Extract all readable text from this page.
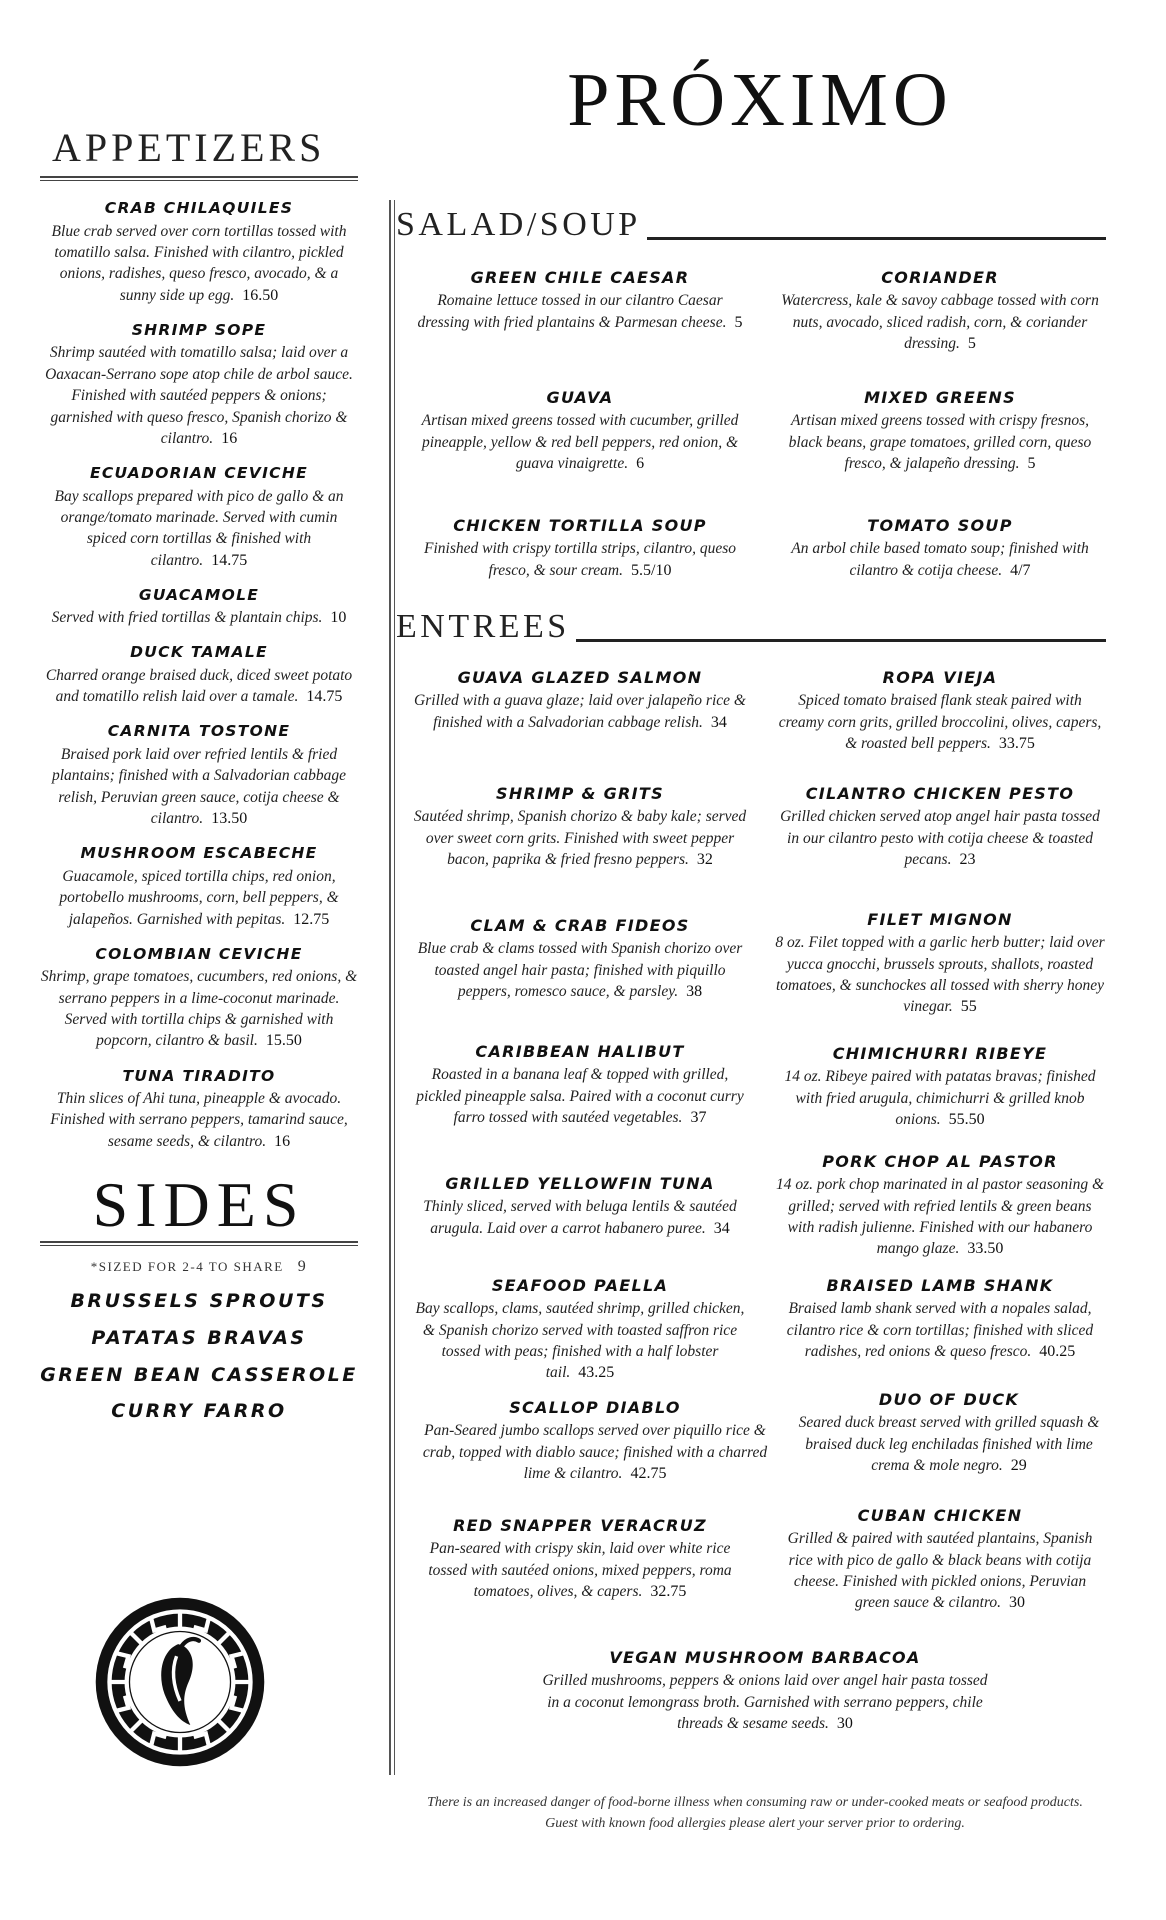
PRÓXIMO
APPETIZERS
CRAB CHILAQUILES
Blue crab served over corn tortillas tossed with tomatillo salsa. Finished with cilantro, pickled onions, radishes, queso fresco, avocado, & a sunny side up egg. 16.50
SHRIMP SOPE
Shrimp sautéed with tomatillo salsa; laid over a Oaxacan-Serrano sope atop chile de arbol sauce. Finished with sautéed peppers & onions; garnished with queso fresco, Spanish chorizo & cilantro. 16
ECUADORIAN CEVICHE
Bay scallops prepared with pico de gallo & an orange/tomato marinade. Served with cumin spiced corn tortillas & finished with cilantro. 14.75
GUACAMOLE
Served with fried tortillas & plantain chips. 10
DUCK TAMALE
Charred orange braised duck, diced sweet potato and tomatillo relish laid over a tamale. 14.75
CARNITA TOSTONE
Braised pork laid over refried lentils & fried plantains; finished with a Salvadorian cabbage relish, Peruvian green sauce, cotija cheese & cilantro. 13.50
MUSHROOM ESCABECHE
Guacamole, spiced tortilla chips, red onion, portobello mushrooms, corn, bell peppers, & jalapeños. Garnished with pepitas. 12.75
COLOMBIAN CEVICHE
Shrimp, grape tomatoes, cucumbers, red onions, & serrano peppers in a lime-coconut marinade. Served with tortilla chips & garnished with popcorn, cilantro & basil. 15.50
TUNA TIRADITO
Thin slices of Ahi tuna, pineapple & avocado. Finished with serrano peppers, tamarind sauce, sesame seeds, & cilantro. 16
SIDES
*SIZED FOR 2-4 TO SHARE 9
BRUSSELS SPROUTS
PATATAS BRAVAS
GREEN BEAN CASSEROLE
CURRY FARRO
SALAD/SOUP
GREEN CHILE CAESAR
Romaine lettuce tossed in our cilantro Caesar dressing with fried plantains & Parmesan cheese. 5
CORIANDER
Watercress, kale & savoy cabbage tossed with corn nuts, avocado, sliced radish, corn, & coriander dressing. 5
GUAVA
Artisan mixed greens tossed with cucumber, grilled pineapple, yellow & red bell peppers, red onion, & guava vinaigrette. 6
MIXED GREENS
Artisan mixed greens tossed with crispy fresnos, black beans, grape tomatoes, grilled corn, queso fresco, & jalapeño dressing. 5
CHICKEN TORTILLA SOUP
Finished with crispy tortilla strips, cilantro, queso fresco, & sour cream. 5.5/10
TOMATO SOUP
An arbol chile based tomato soup; finished with cilantro & cotija cheese. 4/7
ENTREES
GUAVA GLAZED SALMON
Grilled with a guava glaze; laid over jalapeño rice & finished with a Salvadorian cabbage relish. 34
ROPA VIEJA
Spiced tomato braised flank steak paired with creamy corn grits, grilled broccolini, olives, capers, & roasted bell peppers. 33.75
SHRIMP & GRITS
Sautéed shrimp, Spanish chorizo & baby kale; served over sweet corn grits. Finished with sweet pepper bacon, paprika & fried fresno peppers. 32
CILANTRO CHICKEN PESTO
Grilled chicken served atop angel hair pasta tossed in our cilantro pesto with cotija cheese & toasted pecans. 23
CLAM & CRAB FIDEOS
Blue crab & clams tossed with Spanish chorizo over toasted angel hair pasta; finished with piquillo peppers, romesco sauce, & parsley. 38
FILET MIGNON
8 oz. Filet topped with a garlic herb butter; laid over yucca gnocchi, brussels sprouts, shallots, roasted tomatoes, & sunchockes all tossed with sherry honey vinegar. 55
CARIBBEAN HALIBUT
Roasted in a banana leaf & topped with grilled, pickled pineapple salsa. Paired with a coconut curry farro tossed with sautéed vegetables. 37
CHIMICHURRI RIBEYE
14 oz. Ribeye paired with patatas bravas; finished with fried arugula, chimichurri & grilled knob onions. 55.50
GRILLED YELLOWFIN TUNA
Thinly sliced, served with beluga lentils & sautéed arugula. Laid over a carrot habanero puree. 34
PORK CHOP AL PASTOR
14 oz. pork chop marinated in al pastor seasoning & grilled; served with refried lentils & green beans with radish julienne. Finished with our habanero mango glaze. 33.50
SEAFOOD PAELLA
Bay scallops, clams, sautéed shrimp, grilled chicken, & Spanish chorizo served with toasted saffron rice tossed with peas; finished with a half lobster tail. 43.25
BRAISED LAMB SHANK
Braised lamb shank served with a nopales salad, cilantro rice & corn tortillas; finished with sliced radishes, red onions & queso fresco. 40.25
SCALLOP DIABLO
Pan-Seared jumbo scallops served over piquillo rice & crab, topped with diablo sauce; finished with a charred lime & cilantro. 42.75
DUO OF DUCK
Seared duck breast served with grilled squash & braised duck leg enchiladas finished with lime crema & mole negro. 29
RED SNAPPER VERACRUZ
Pan-seared with crispy skin, laid over white rice tossed with sautéed onions, mixed peppers, roma tomatoes, olives, & capers. 32.75
CUBAN CHICKEN
Grilled & paired with sautéed plantains, Spanish rice with pico de gallo & black beans with cotija cheese. Finished with pickled onions, Peruvian green sauce & cilantro. 30
VEGAN MUSHROOM BARBACOA
Grilled mushrooms, peppers & onions laid over angel hair pasta tossed in a coconut lemongrass broth. Garnished with serrano peppers, chile threads & sesame seeds. 30
There is an increased danger of food-borne illness when consuming raw or under-cooked meats or seafood products. Guest with known food allergies please alert your server prior to ordering.
